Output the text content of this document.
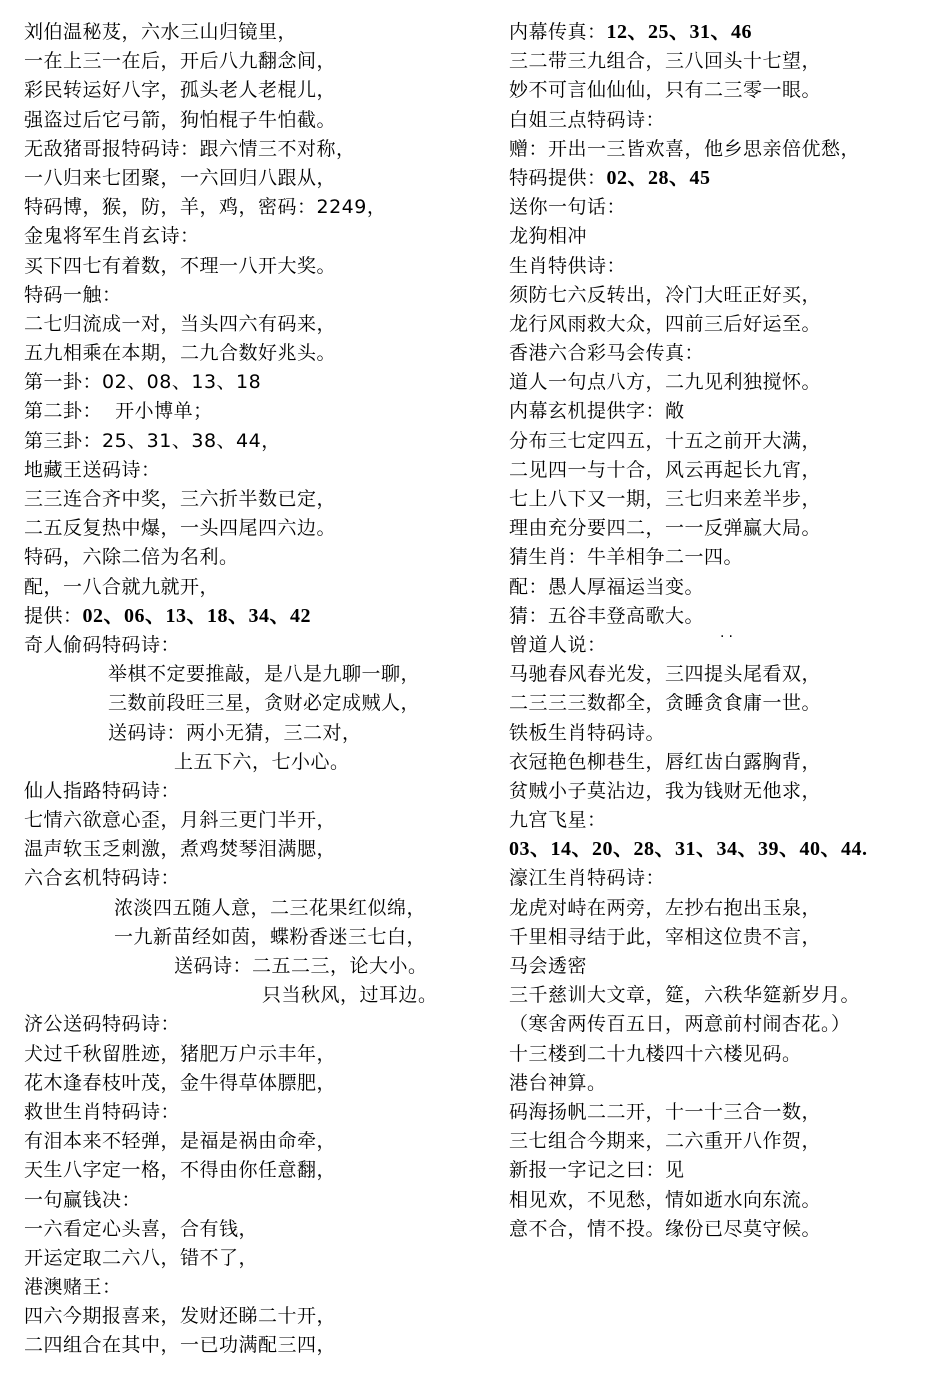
刘伯温秘芨，六水三山归镜里，
一在上三一在后，开后八九翻念间，
彩民转运好八字，孤头老人老棍儿，
强盗过后它弓箭，狗怕棍子牛怕截。
无敌猪哥报特码诗：跟六情三不对称，
一八归来七团聚，一六回归八跟从，
特码博，猴，防，羊，鸡，密码：2249，
金鬼将军生肖玄诗：
买下四七有着数，不理一八开大奖。
特码一触：
二七归流成一对，当头四六有码来，
五九相乘在本期，二九合数好兆头。
第一卦：02、08、13、18
第二卦：  开小博单；
第三卦：25、31、38、44，
地藏王送码诗：
三三连合齐中奖，三六折半数已定，
二五反复热中爆，一头四尾四六边。
特码，六除二倍为名利。
配，一八合就九就开，
提供：02、06、13、18、34、42
奇人偷码特码诗：
举棋不定要推敲，是八是九聊一聊，
三数前段旺三星，贪财必定成贼人，
送码诗：两小无猜，三二对，
上五下六，七小心。
仙人指路特码诗：
七情六欲意心歪，月斜三更门半开，
温声软玉乏刺激，煮鸡焚琴泪满腮，
六合玄机特码诗：
浓淡四五随人意，二三花果红似绵，
一九新苗经如茵，蝶粉香迷三七白，
送码诗：二五二三，论大小。
只当秋风，过耳边。
济公送码特码诗：
犬过千秋留胜迹，猪肥万户示丰年，
花木逢春枝叶茂，金牛得草体膘肥，
救世生肖特码诗：
有泪本来不轻弹，是福是祸由命牵，
天生八字定一格，不得由你任意翻，
一句赢钱决：
一六看定心头喜，合有钱，
开运定取二六八，错不了，
港澳赌王：
四六今期报喜来，发财还睇二十开，
二四组合在其中，一已功满配三四，
内幕传真：12、25、31、46
三二带三九组合，三八回头十七望，
妙不可言仙仙仙，只有二三零一眼。
白姐三点特码诗：
赠：开出一三皆欢喜，他乡思亲倍优愁，
特码提供：02、28、45
送你一句话：
龙狗相冲
生肖特供诗：
须防七六反转出，冷门大旺正好买，
龙行风雨救大众，四前三后好运至。
香港六合彩马会传真：
道人一句点八方，二九见利独搅怀。
内幕玄机提供字：敞
分布三七定四五，十五之前开大满，
二见四一与十合，风云再起长九宵，
七上八下又一期，三七归来差半步，
理由充分要四二，一一反弹赢大局。
猜生肖：牛羊相争二一四。
配：愚人厚福运当变。
猜：五谷丰登高歌大。
曾道人说：
马驰春风春光发，三四提头尾看双，
二三三三数都全，贪睡贪食庸一世。
铁板生肖特码诗。
衣冠艳色柳巷生，唇红齿白露胸背，
贫贼小子莫沾边，我为钱财无他求，
九宫飞星：
03、14、20、28、31、34、39、40、44.
濠江生肖特码诗：
龙虎对峙在两旁，左抄右抱出玉泉，
千里相寻结于此，宰相这位贵不言，
马会透密
三千慈训大文章，筵，六秩华筵新岁月。
（寒舍两传百五日，两意前村闹杏花。）
十三楼到二十九楼四十六楼见码。
港台神算。
码海扬帆二二开，十一十三合一数，
三七组合今期来，二六重开八作贺，
新报一字记之曰：见
相见欢，不见愁，情如逝水向东流。
意不合，情不投。缘份已尽莫守候。
··
